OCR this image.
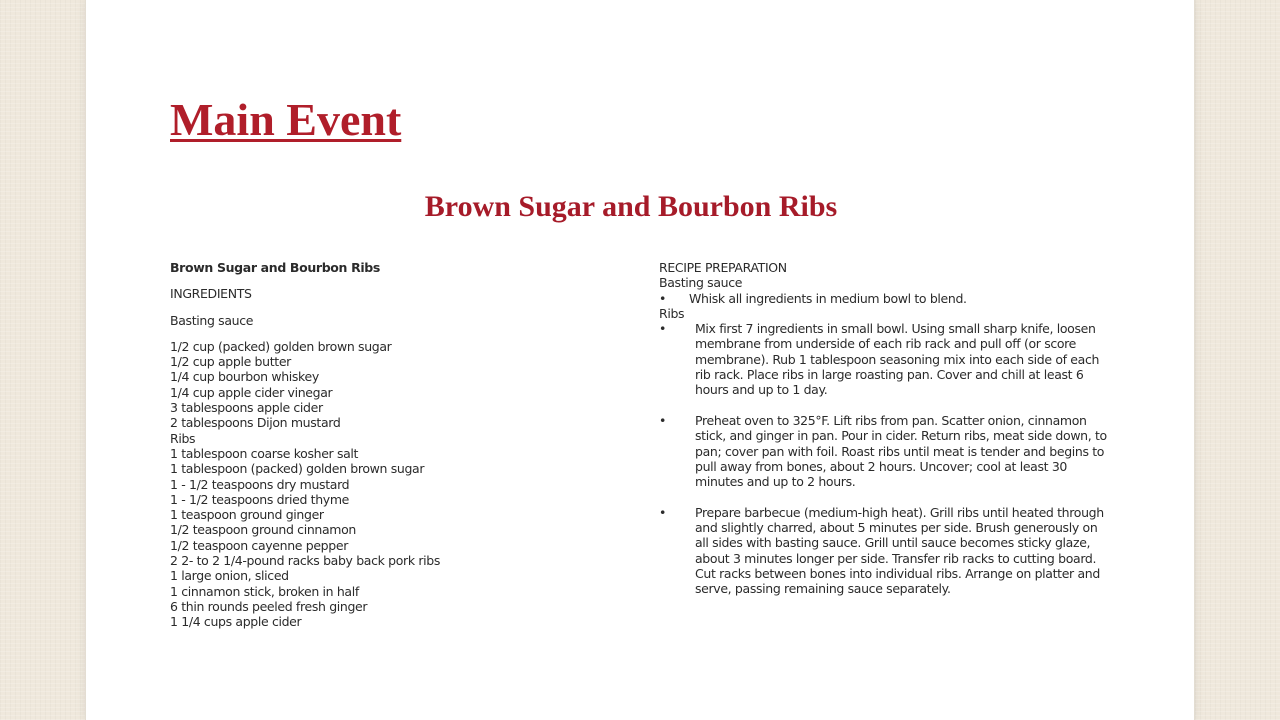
Main Event
Brown Sugar and Bourbon Ribs
Brown Sugar and Bourbon Ribs
INGREDIENTS
Basting sauce
1/2 cup (packed) golden brown sugar
1/2 cup apple butter
1/4 cup bourbon whiskey
1/4 cup apple cider vinegar
3 tablespoons apple cider
2 tablespoons Dijon mustard
Ribs
1 tablespoon coarse kosher salt
1 tablespoon (packed) golden brown sugar
1 - 1/2 teaspoons dry mustard
1 - 1/2 teaspoons dried thyme
1 teaspoon ground ginger
1/2 teaspoon ground cinnamon
1/2 teaspoon cayenne pepper
2 2- to 2 1/4-pound racks baby back pork ribs
1 large onion, sliced
1 cinnamon stick, broken in half
6 thin rounds peeled fresh ginger
1 1/4 cups apple cider
RECIPE PREPARATION
Basting sauce
• Whisk all ingredients in medium bowl to blend.
Ribs
• Mix first 7 ingredients in small bowl. Using small sharp knife, loosen
membrane from underside of each rib rack and pull off (or score
membrane). Rub 1 tablespoon seasoning mix into each side of each
rib rack. Place ribs in large roasting pan. Cover and chill at least 6
hours and up to 1 day.
• Preheat oven to 325°F. Lift ribs from pan. Scatter onion, cinnamon
stick, and ginger in pan. Pour in cider. Return ribs, meat side down, to
pan; cover pan with foil. Roast ribs until meat is tender and begins to
pull away from bones, about 2 hours. Uncover; cool at least 30
minutes and up to 2 hours.
• Prepare barbecue (medium-high heat). Grill ribs until heated through
and slightly charred, about 5 minutes per side. Brush generously on
all sides with basting sauce. Grill until sauce becomes sticky glaze,
about 3 minutes longer per side. Transfer rib racks to cutting board.
Cut racks between bones into individual ribs. Arrange on platter and
serve, passing remaining sauce separately.
